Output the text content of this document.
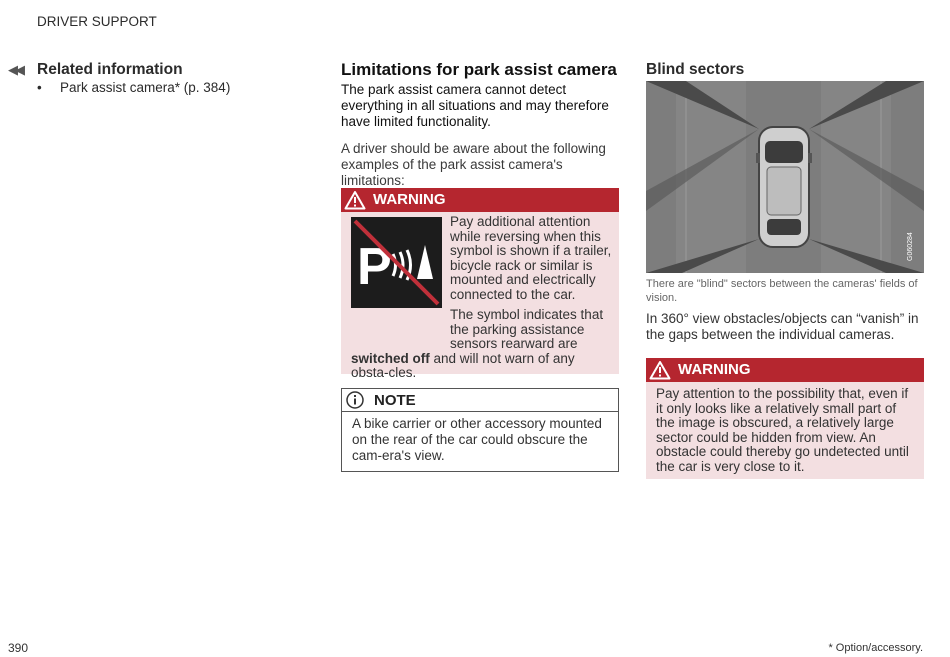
DRIVER SUPPORT
◀◀ Related information
• Park assist camera* (p. 384)
Limitations for park assist camera
The park assist camera cannot detect everything in all situations and may therefore have limited functionality.
A driver should be aware about the following examples of the park assist camera's limitations:
WARNING
P
Pay additional attention while reversing when this symbol is shown if a trailer, bicycle rack or similar is mounted and electrically connected to the car.
The symbol indicates that the parking assistance sensors rearward are
switched off and will not warn of any obsta-cles.
NOTE
A bike carrier or other accessory mounted on the rear of the car could obscure the cam-era's view.
Blind sectors
G060284
There are "blind" sectors between the cameras' fields of vision.
In 360° view obstacles/objects can “vanish” in the gaps between the individual cameras.
WARNING
Pay attention to the possibility that, even if it only looks like a relatively small part of the image is obscured, a relatively large sector could be hidden from view. An obstacle could thereby go undetected until the car is very close to it.
390	* Option/accessory.
